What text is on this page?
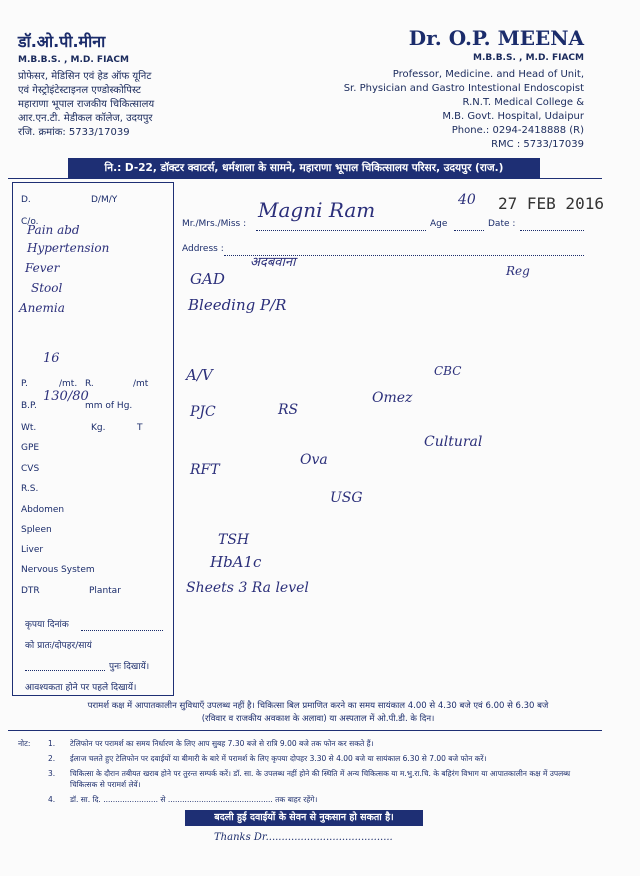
डॉ.ओ.पी.मीना
M.B.B.S. , M.D. FIACM
प्रोफेसर, मेडिसिन एवं हेड ऑफ यूनिट
एवं गेस्ट्रोइंटेस्टाइनल एण्डोस्कोपिस्ट
महाराणा भूपाल राजकीय चिकित्सालय
आर.एन.टी. मेडीकल कॉलेज, उदयपुर
रजि. क्रमांक: 5733/17039
Dr. O.P. MEENA
M.B.B.S. , M.D. FIACM
Professor, Medicine. and Head of Unit,
Sr. Physician and Gastro Intestional Endoscopist
R.N.T. Medical College &
M.B. Govt. Hospital, Udaipur
Phone.: 0294-2418888 (R)
RMC : 5733/17039
नि.: D-22, डॉक्टर क्वाटर्स, धर्मशाला के सामने, महाराणा भूपाल चिकित्सालय परिसर, उदयपुर (राज.)
D.	D/M/Y
C/o.
P.	/mt. R.	/mt
B.P.	mm of Hg.
Wt.	Kg.	T
GPE
CVS
R.S.
Abdomen
Spleen
Liver
Nervous System
DTR	Plantar
कृपया दिनांक
को प्रातः/दोपहर/सायं
पुनः दिखायें।
आवश्यकता होने पर पहले दिखायें।
Pain abd
Hypertension
Fever
Stool
Anemia
16
130/80
Mr./Mrs./Miss :	Age	Date :
Address :
27 FEB 2016
Magni Ram	40
अदबवाना
Reg
GAD
Bleeding P/R
A/V
PJC	RS
Omez
CBC
Cultural
RFT
Ova
TSH
HbA1c
USG
Sheets 3 Ra level
परामर्श कक्ष में आपातकालीन सुविधाएँ उपलब्ध नहीं है। चिकित्सा बिल प्रमाणित करने का समय सायंकाल 4.00 से 4.30 बजे एवं 6.00 से 6.30 बजे
(रविवार व राजकीय अवकाश के अलावा) या अस्पताल में ओ.पी.डी. के दिन।
नोट: 1.	टेलिफोन पर परामर्श का समय निर्धारण के लिए आप सुबह 7.30 बजे से रात्रि 9.00 बजे तक फोन कर सकते हैं।
2.	ईलाज चलते हुए टेलिफोन पर दवाईयों या बीमारी के बारे में परामर्श के लिए कृपया दोपहर 3.30 से 4.00 बजे या सायंकाल 6.30 से 7.00 बजे फोन करें।
3.	चिकित्सा के दौरान तबीयत खराब होने पर तुरन्त सम्पर्क करें। डॉ. सा. के उपलब्ध नहीं होने की स्थिति में अन्य चिकित्सक या म.भु.रा.चि. के बहिरंग विभाग या आपातकालीन कक्ष में उपलब्ध चिकित्सक से परामर्श लेवें।
4.	डॉ. सा. दि. ....................... से ............................................ तक बाहर रहेंगे।
बदली हुई दवाईयों के सेवन से नुकसान हो सकता है।
Thanks Dr........................................
